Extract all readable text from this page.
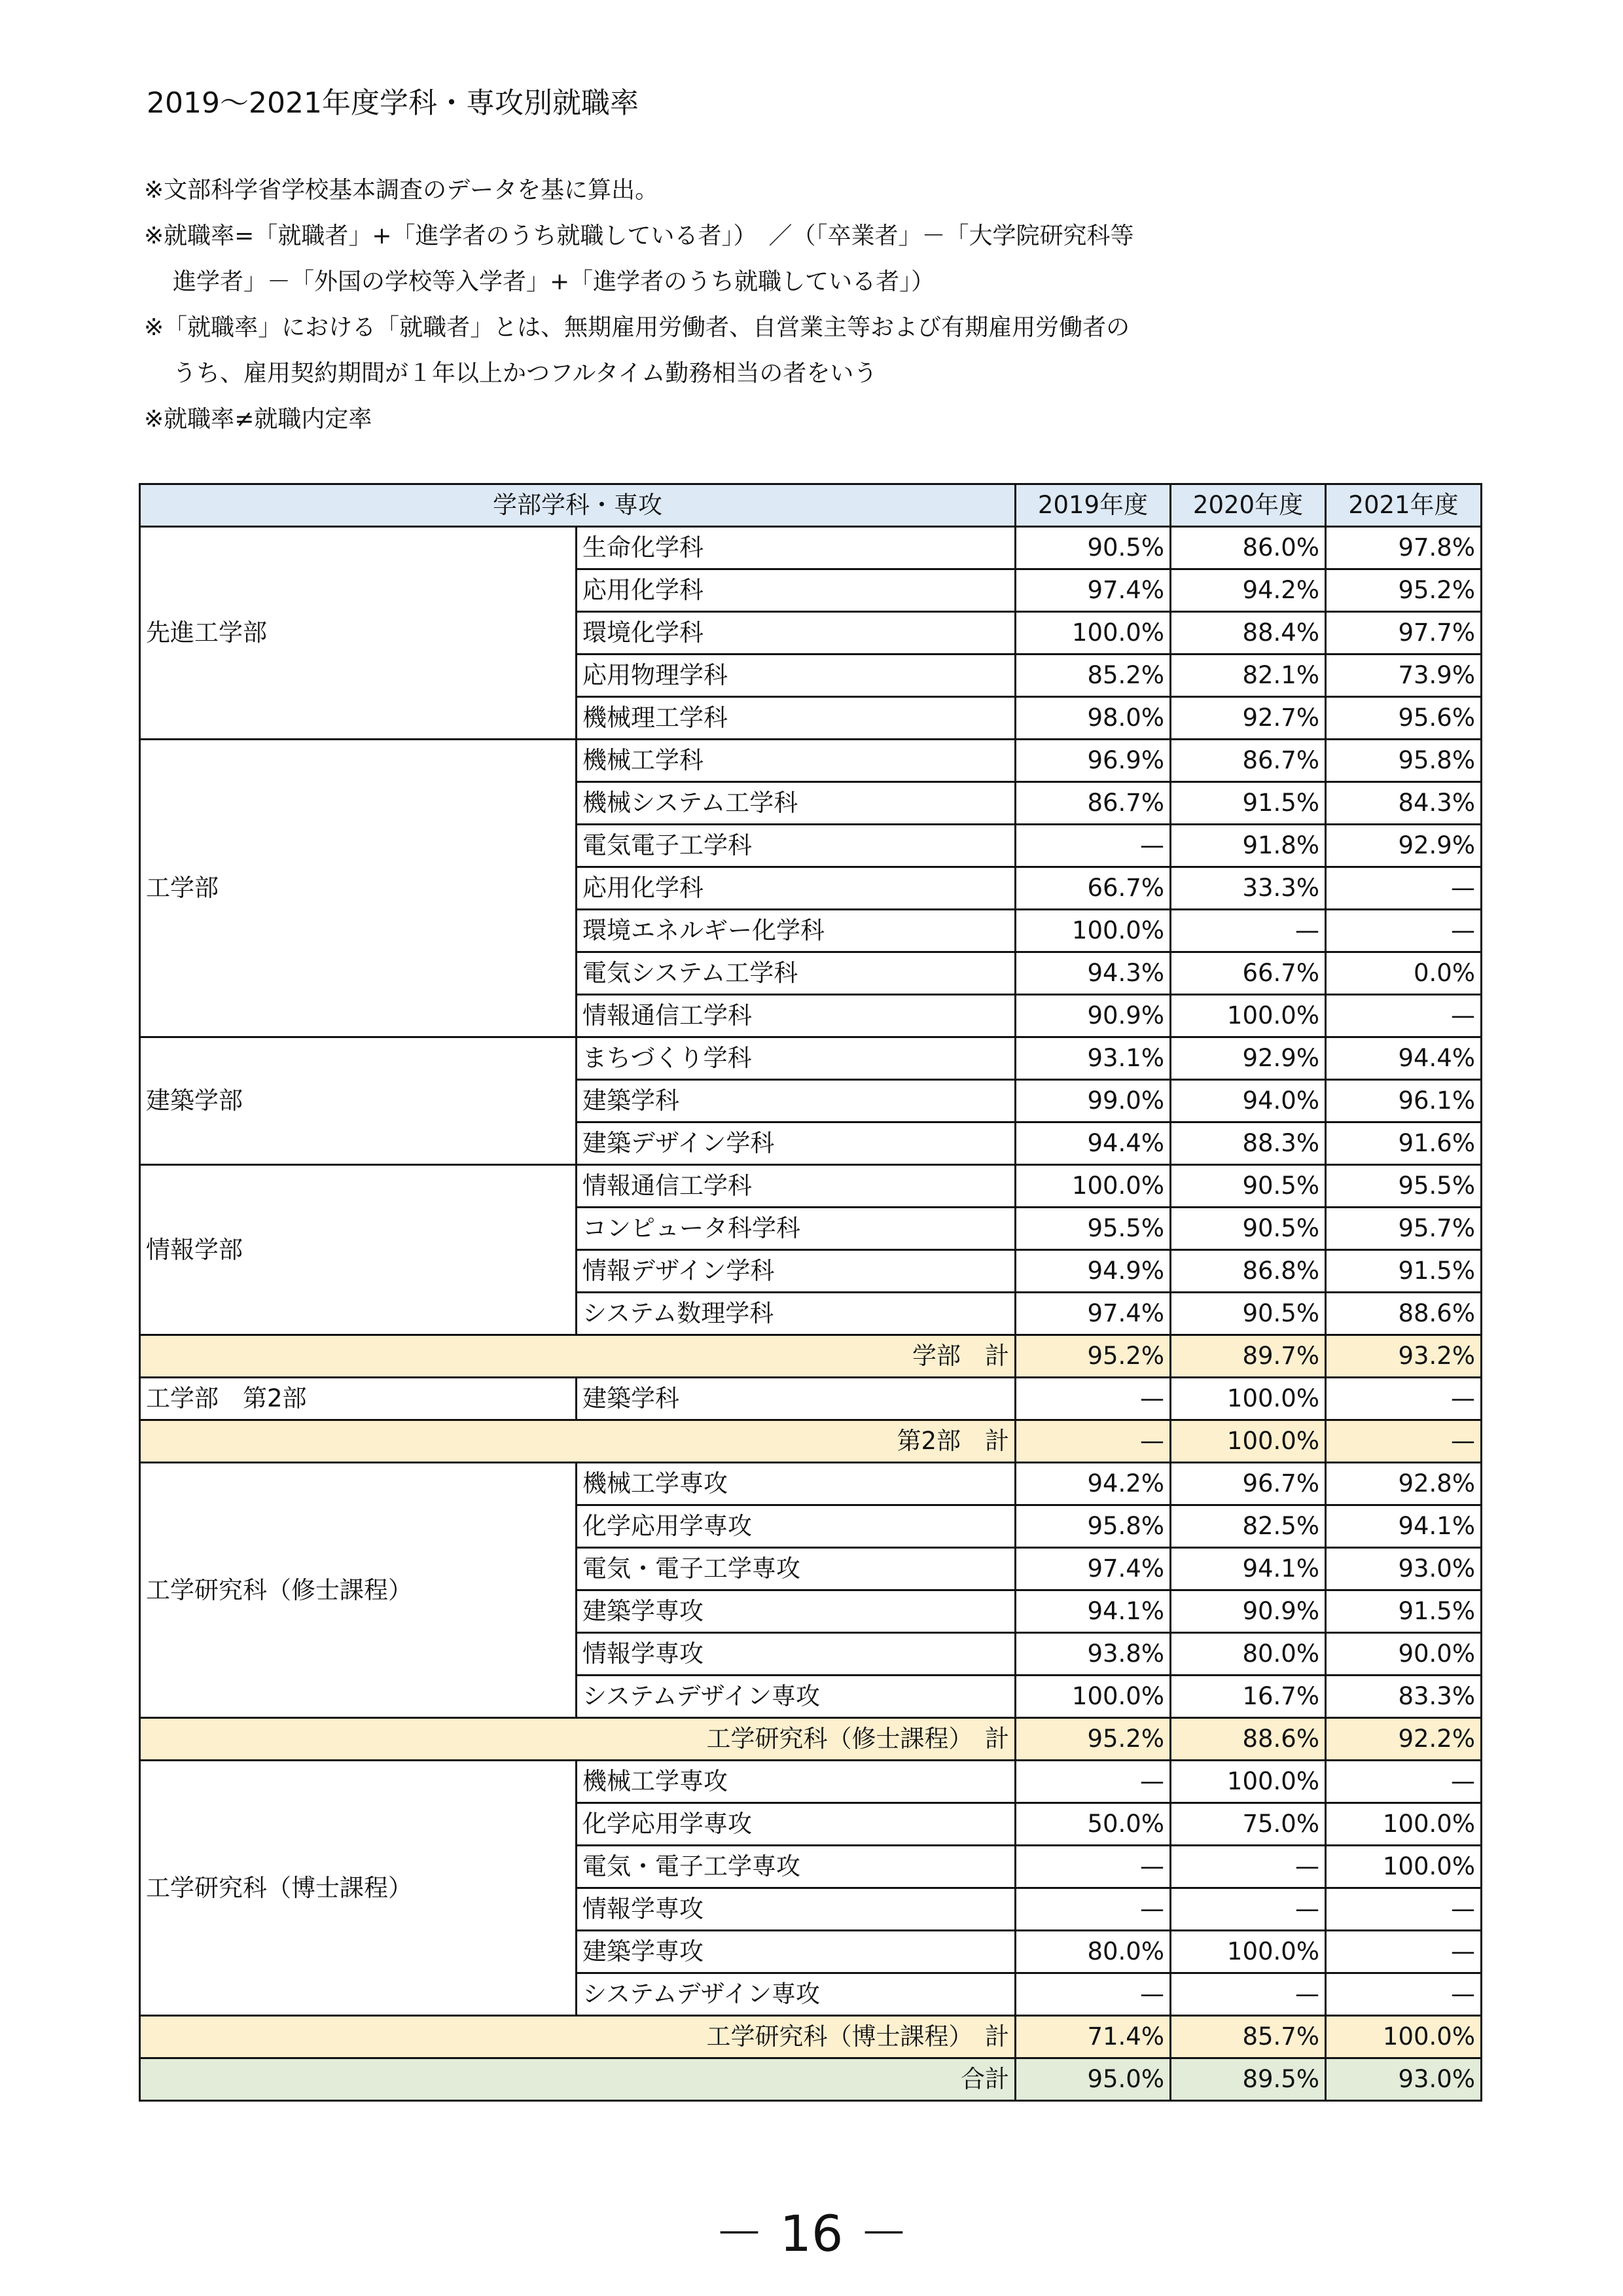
2019～2021年度学科・専攻別就職率
※文部科学省学校基本調査のデータを基に算出。
※就職率=「就職者」+「進学者のうち就職している者」）　／（「卒業者」－「大学院研究科等
進学者」－「外国の学校等入学者」+「進学者のうち就職している者」）
※「就職率」における「就職者」とは、無期雇用労働者、自営業主等および有期雇用労働者の
うち、雇用契約期間が１年以上かつフルタイム勤務相当の者をいう
※就職率≠就職内定率
学部学科・専攻		2019年度	2020年度	2021年度
先進工学部	生命化学科	90.5%	86.0%	97.8%
	応用化学科	97.4%	94.2%	95.2%
	環境化学科	100.0%	88.4%	97.7%
	応用物理学科	85.2%	82.1%	73.9%
	機械理工学科	98.0%	92.7%	95.6%
工学部	機械工学科	96.9%	86.7%	95.8%
	機械システム工学科	86.7%	91.5%	84.3%
	電気電子工学科	—	91.8%	92.9%
	応用化学科	66.7%	33.3%	—
	環境エネルギー化学科	100.0%	—	—
	電気システム工学科	94.3%	66.7%	0.0%
	情報通信工学科	90.9%	100.0%	—
建築学部	まちづくり学科	93.1%	92.9%	94.4%
	建築学科	99.0%	94.0%	96.1%
	建築デザイン学科	94.4%	88.3%	91.6%
情報学部	情報通信工学科	100.0%	90.5%	95.5%
	コンピュータ科学科	95.5%	90.5%	95.7%
	情報デザイン学科	94.9%	86.8%	91.5%
	システム数理学科	97.4%	90.5%	88.6%
学部　計		95.2%	89.7%	93.2%
工学部　第2部	建築学科	—	100.0%	—
第2部　計		—	100.0%	—
工学研究科（修士課程）	機械工学専攻	94.2%	96.7%	92.8%
	化学応用学専攻	95.8%	82.5%	94.1%
	電気・電子工学専攻	97.4%	94.1%	93.0%
	建築学専攻	94.1%	90.9%	91.5%
	情報学専攻	93.8%	80.0%	90.0%
	システムデザイン専攻	100.0%	16.7%	83.3%
工学研究科（修士課程）　計		95.2%	88.6%	92.2%
工学研究科（博士課程）	機械工学専攻	—	100.0%	—
	化学応用学専攻	50.0%	75.0%	100.0%
	電気・電子工学専攻	—	—	100.0%
	情報学専攻	—	—	—
	建築学専攻	80.0%	100.0%	—
	システムデザイン専攻	—	—	—
工学研究科（博士課程）　計		71.4%	85.7%	100.0%
合計		95.0%	89.5%	93.0%
－ 16 －
